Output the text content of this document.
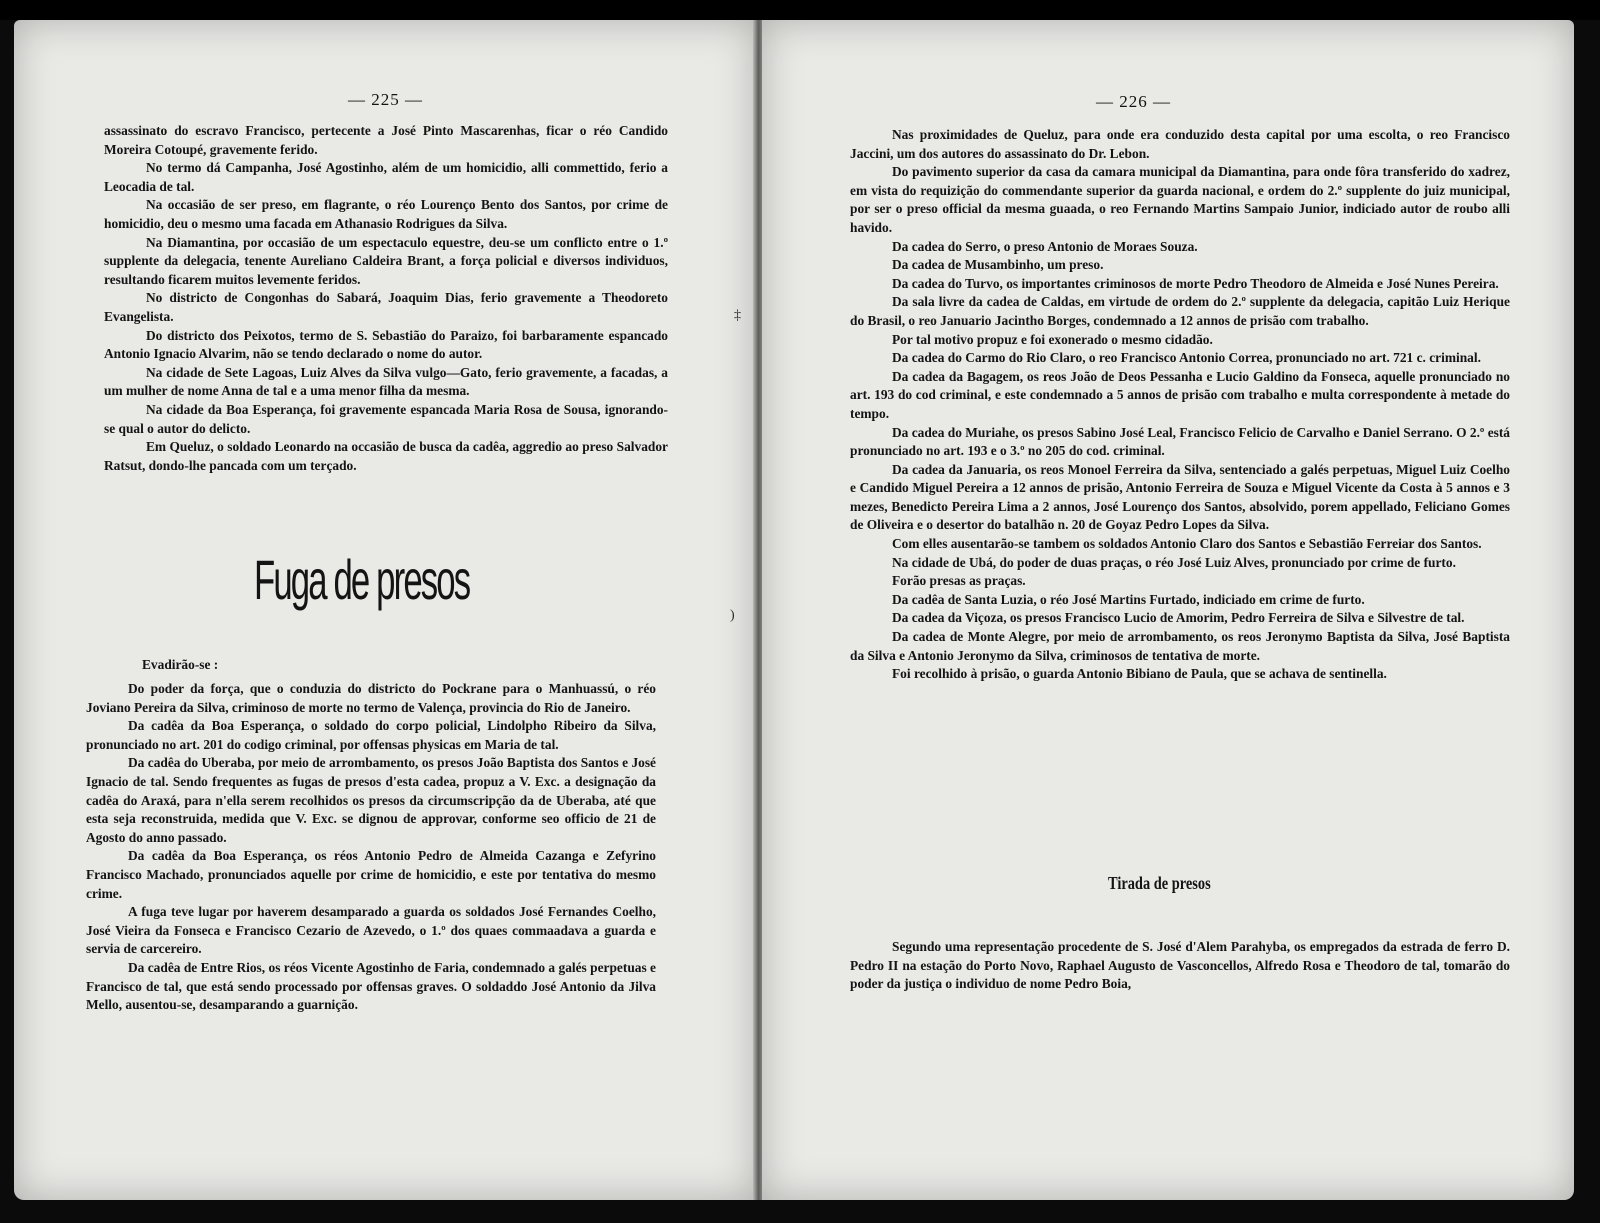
— 225 —

assassinato do escravo Francisco, pertecente a José Pinto Mascarenhas, ficar o réo Candido Moreira Cotoupé, gravemente ferido.

No termo dá Campanha, José Agostinho, além de um homicidio, alli commettido, ferio a Leocadia de tal.

Na occasião de ser preso, em flagrante, o réo Lourenço Bento dos Santos, por crime de homicidio, deu o mesmo uma facada em Athanasio Rodrigues da Silva.

Na Diamantina, por occasião de um espectaculo equestre, deu-se um conflicto entre o 1.º supplente da delegacia, tenente Aureliano Caldeira Brant, a força policial e diversos individuos, resultando ficarem muitos levemente feridos.

No districto de Congonhas do Sabará, Joaquim Dias, ferio gravemente a Theodoreto Evangelista.

Do districto dos Peixotos, termo de S. Sebastião do Paraizo, foi barbaramente espancado Antonio Ignacio Alvarim, não se tendo declarado o nome do autor.

Na cidade de Sete Lagoas, Luiz Alves da Silva vulgo—Gato, ferio gravemente, a facadas, a um mulher de nome Anna de tal e a uma menor filha da mesma.

Na cidade da Boa Esperança, foi gravemente espancada Maria Rosa de Sousa, ignorando-se qual o autor do delicto.

Em Queluz, o soldado Leonardo na occasião de busca da cadêa, aggredio ao preso Salvador Ratsut, dondo-lhe pancada com um terçado.

Fuga de presos

Evadirão-se :

Do poder da força, que o conduzia do districto do Pockrane para o Manhuassú, o réo Joviano Pereira da Silva, criminoso de morte no termo de Valença, provincia do Rio de Janeiro.

Da cadêa da Boa Esperança, o soldado do corpo policial, Lindolpho Ribeiro da Silva, pronunciado no art. 201 do codigo criminal, por offensas physicas em Maria de tal.

Da cadêa do Uberaba, por meio de arrombamento, os presos João Baptista dos Santos e José Ignacio de tal. Sendo frequentes as fugas de presos d'esta cadea, propuz a V. Exc. a designação da cadêa do Araxá, para n'ella serem recolhidos os presos da circumscripção da de Uberaba, até que esta seja reconstruida, medida que V. Exc. se dignou de approvar, conforme seo officio de 21 de Agosto do anno passado.

Da cadêa da Boa Esperança, os réos Antonio Pedro de Almeida Cazanga e Zefyrino Francisco Machado, pronunciados aquelle por crime de homicidio, e este por tentativa do mesmo crime.

A fuga teve lugar por haverem desamparado a guarda os soldados José Fernandes Coelho, José Vieira da Fonseca e Francisco Cezario de Azevedo, o 1.º dos quaes commaadava a guarda e servia de carcereiro.

Da cadêa de Entre Rios, os réos Vicente Agostinho de Faria, condemnado a galés perpetuas e Francisco de tal, que está sendo processado por offensas graves. O soldaddo José Antonio da Jilva Mello, ausentou-se, desamparando a guarnição.

‡
)
— 226 —

Nas proximidades de Queluz, para onde era conduzido desta capital por uma escolta, o reo Francisco Jaccini, um dos autores do assassinato do Dr. Lebon.

Do pavimento superior da casa da camara municipal da Diamantina, para onde fôra transferido do xadrez, em vista do requizição do commendante superior da guarda nacional, e ordem do 2.º supplente do juiz municipal, por ser o preso official da mesma guaada, o reo Fernando Martins Sampaio Junior, indiciado autor de roubo alli havido.

Da cadea do Serro, o preso Antonio de Moraes Souza.

Da cadea de Musambinho, um preso.

Da cadea do Turvo, os importantes criminosos de morte Pedro Theodoro de Almeida e José Nunes Pereira.

Da sala livre da cadea de Caldas, em virtude de ordem do 2.º supplente da delegacia, capitão Luiz Herique do Brasil, o reo Januario Jacintho Borges, condemnado a 12 annos de prisão com trabalho.

Por tal motivo propuz e foi exonerado o mesmo cidadão.

Da cadea do Carmo do Rio Claro, o reo Francisco Antonio Correa, pronunciado no art. 721 c. criminal.

Da cadea da Bagagem, os reos João de Deos Pessanha e Lucio Galdino da Fonseca, aquelle pronunciado no art. 193 do cod criminal, e este condemnado a 5 annos de prisão com trabalho e multa correspondente à metade do tempo.

Da cadea do Muriahe, os presos Sabino José Leal, Francisco Felicio de Carvalho e Daniel Serrano. O 2.º está pronunciado no art. 193 e o 3.º no 205 do cod. criminal.

Da cadea da Januaria, os reos Monoel Ferreira da Silva, sentenciado a galés perpetuas, Miguel Luiz Coelho e Candido Miguel Pereira a 12 annos de prisão, Antonio Ferreira de Souza e Miguel Vicente da Costa à 5 annos e 3 mezes, Benedicto Pereira Lima a 2 annos, José Lourenço dos Santos, absolvido, porem appellado, Feliciano Gomes de Oliveira e o desertor do batalhão n. 20 de Goyaz Pedro Lopes da Silva.

Com elles ausentarão-se tambem os soldados Antonio Claro dos Santos e Sebastião Ferreiar dos Santos.

Na cidade de Ubá, do poder de duas praças, o réo José Luiz Alves, pronunciado por crime de furto.

Forão presas as praças.

Da cadêa de Santa Luzia, o réo José Martins Furtado, indiciado em crime de furto.

Da cadea da Viçoza, os presos Francisco Lucio de Amorim, Pedro Ferreira de Silva e Silvestre de tal.

Da cadea de Monte Alegre, por meio de arrombamento, os reos Jeronymo Baptista da Silva, José Baptista da Silva e Antonio Jeronymo da Silva, criminosos de tentativa de morte.

Foi recolhido à prisão, o guarda Antonio Bibiano de Paula, que se achava de sentinella.

Tirada de presos

Segundo uma representação procedente de S. José d'Alem Parahyba, os empregados da estrada de ferro D. Pedro II na estação do Porto Novo, Raphael Augusto de Vasconcellos, Alfredo Rosa e Theodoro de tal, tomarão do poder da justiça o individuo de nome Pedro Boia,
